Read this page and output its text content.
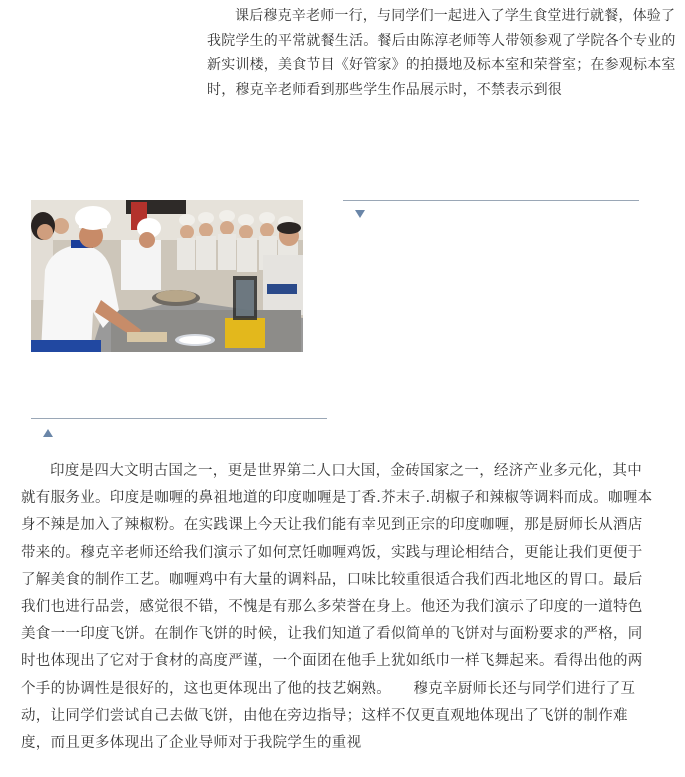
课后穆克辛老师一行，与同学们一起进入了学生食堂进行就餐，体验了我院学生的平常就餐生活。餐后由陈淳老师等人带领参观了学院各个专业的新实训楼，美食节目《好管家》的拍摄地及标本室和荣誉室；在参观标本室时，穆克辛老师看到那些学生作品展示时，不禁表示到很

印度是四大文明古国之一，更是世界第二人口大国，金砖国家之一，经济产业多元化，其中就有服务业。印度是咖喱的鼻祖地道的印度咖喱是丁香.芥末子.胡椒子和辣椒等调料而成。咖喱本身不辣是加入了辣椒粉。在实践课上今天让我们能有幸见到正宗的印度咖喱，那是厨师长从酒店带来的。穆克辛老师还给我们演示了如何烹饪咖喱鸡饭，实践与理论相结合，更能让我们更便于了解美食的制作工艺。咖喱鸡中有大量的调料品，口味比较重很适合我们西北地区的胃口。最后我们也进行品尝，感觉很不错，不愧是有那么多荣誉在身上。他还为我们演示了印度的一道特色美食一一印度飞饼。在制作飞饼的时候，让我们知道了看似简单的飞饼对与面粉要求的严格，同时也体现出了它对于食材的高度严谨，一个面团在他手上犹如纸巾一样飞舞起来。看得出他的两个手的协调性是很好的，这也更体现出了他的技艺娴熟。　　穆克辛厨师长还与同学们进行了互动，让同学们尝试自己去做飞饼，由他在旁边指导；这样不仅更直观地体现出了飞饼的制作难度，而且更多体现出了企业导师对于我院学生的重视
